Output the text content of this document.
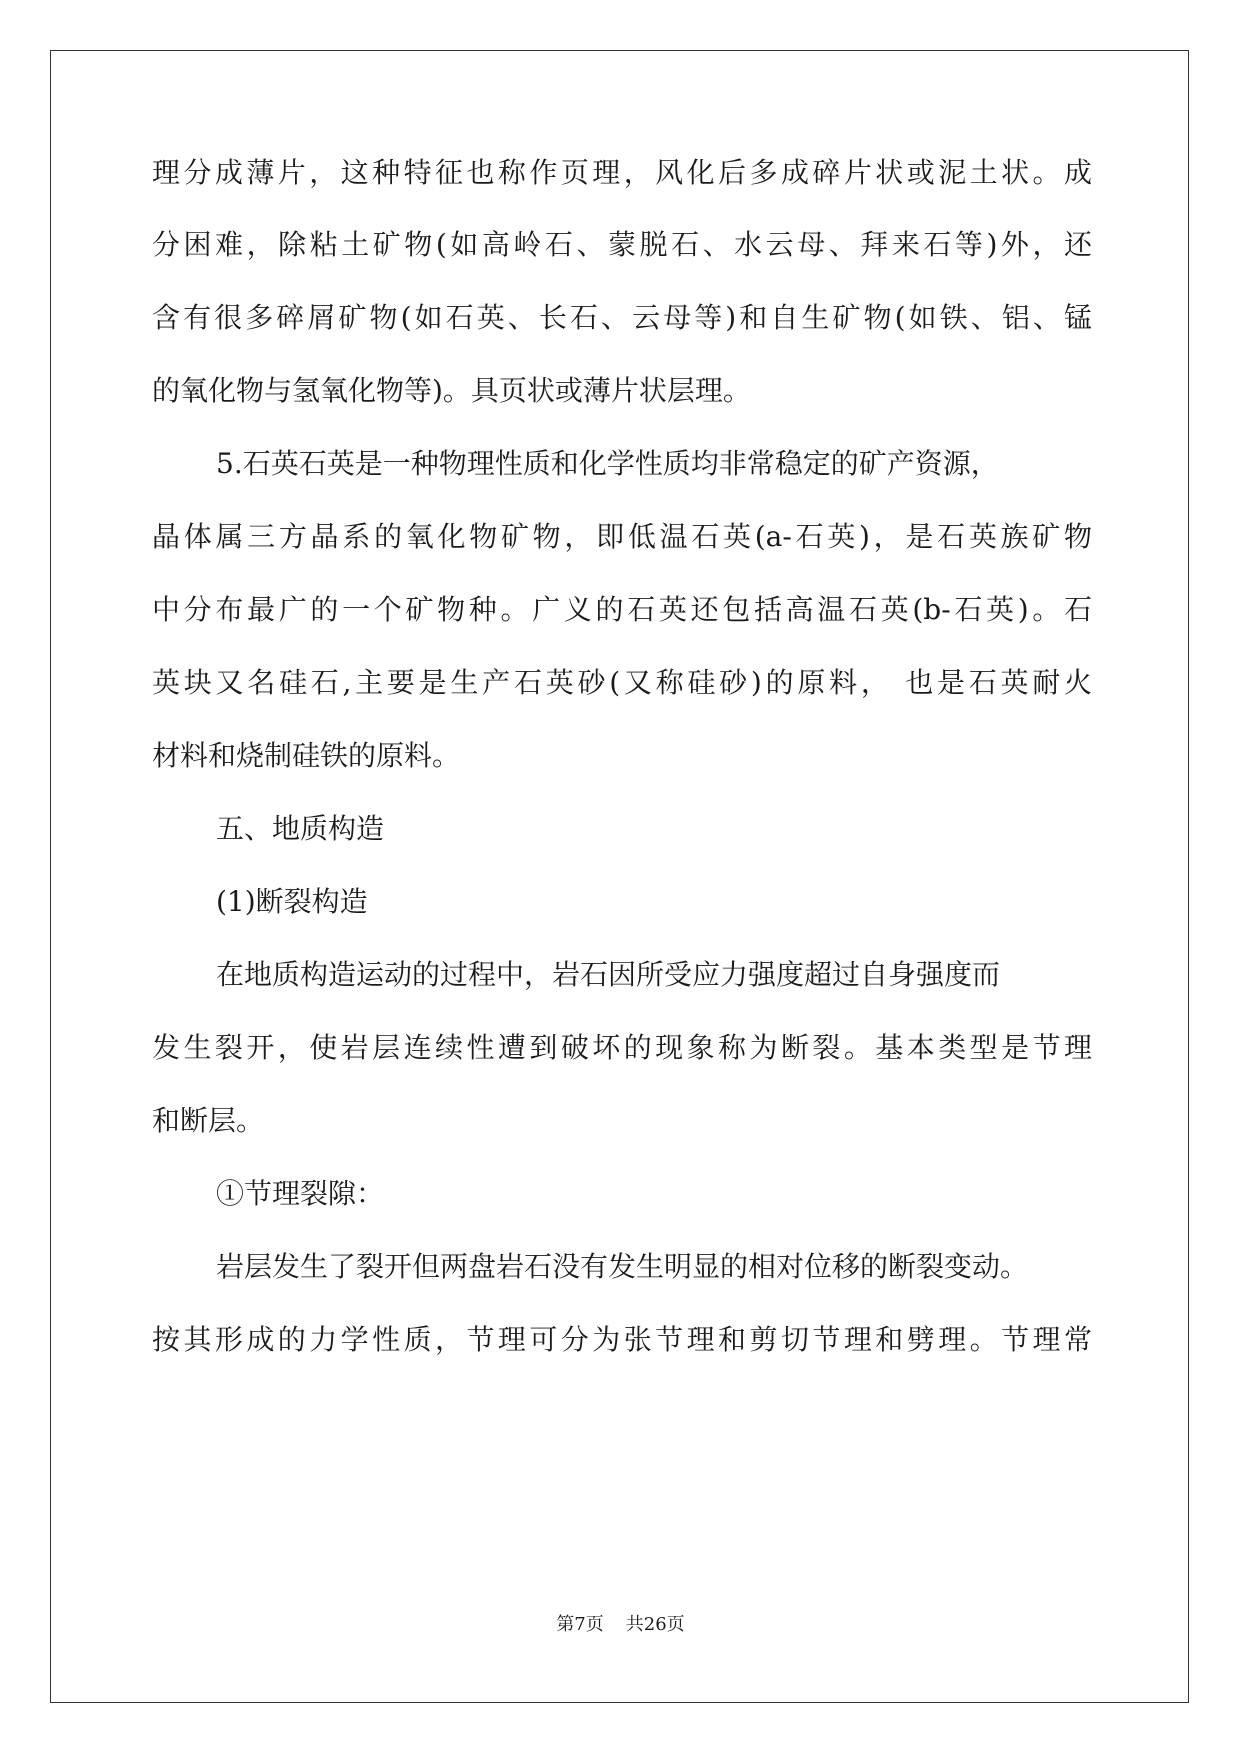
理分成薄片，这种特征也称作页理，风化后多成碎片状或泥土状。成
分困难，除粘土矿物(如高岭石、蒙脱石、水云母、拜来石等)外，还
含有很多碎屑矿物(如石英、长石、云母等)和自生矿物(如铁、铝、锰
的氧化物与氢氧化物等)。具页状或薄片状层理。
5.石英石英是一种物理性质和化学性质均非常稳定的矿产资源，
晶体属三方晶系的氧化物矿物，即低温石英(a-石英)，是石英族矿物
中分布最广的一个矿物种。广义的石英还包括高温石英(b-石英)。石
英块又名硅石,主要是生产石英砂(又称硅砂)的原料， 也是石英耐火
材料和烧制硅铁的原料。
五、地质构造
(1)断裂构造
在地质构造运动的过程中，岩石因所受应力强度超过自身强度而
发生裂开，使岩层连续性遭到破坏的现象称为断裂。基本类型是节理
和断层。
①节理裂隙：
岩层发生了裂开但两盘岩石没有发生明显的相对位移的断裂变动。
按其形成的力学性质，节理可分为张节理和剪切节理和劈理。节理常
第7页 共26页
